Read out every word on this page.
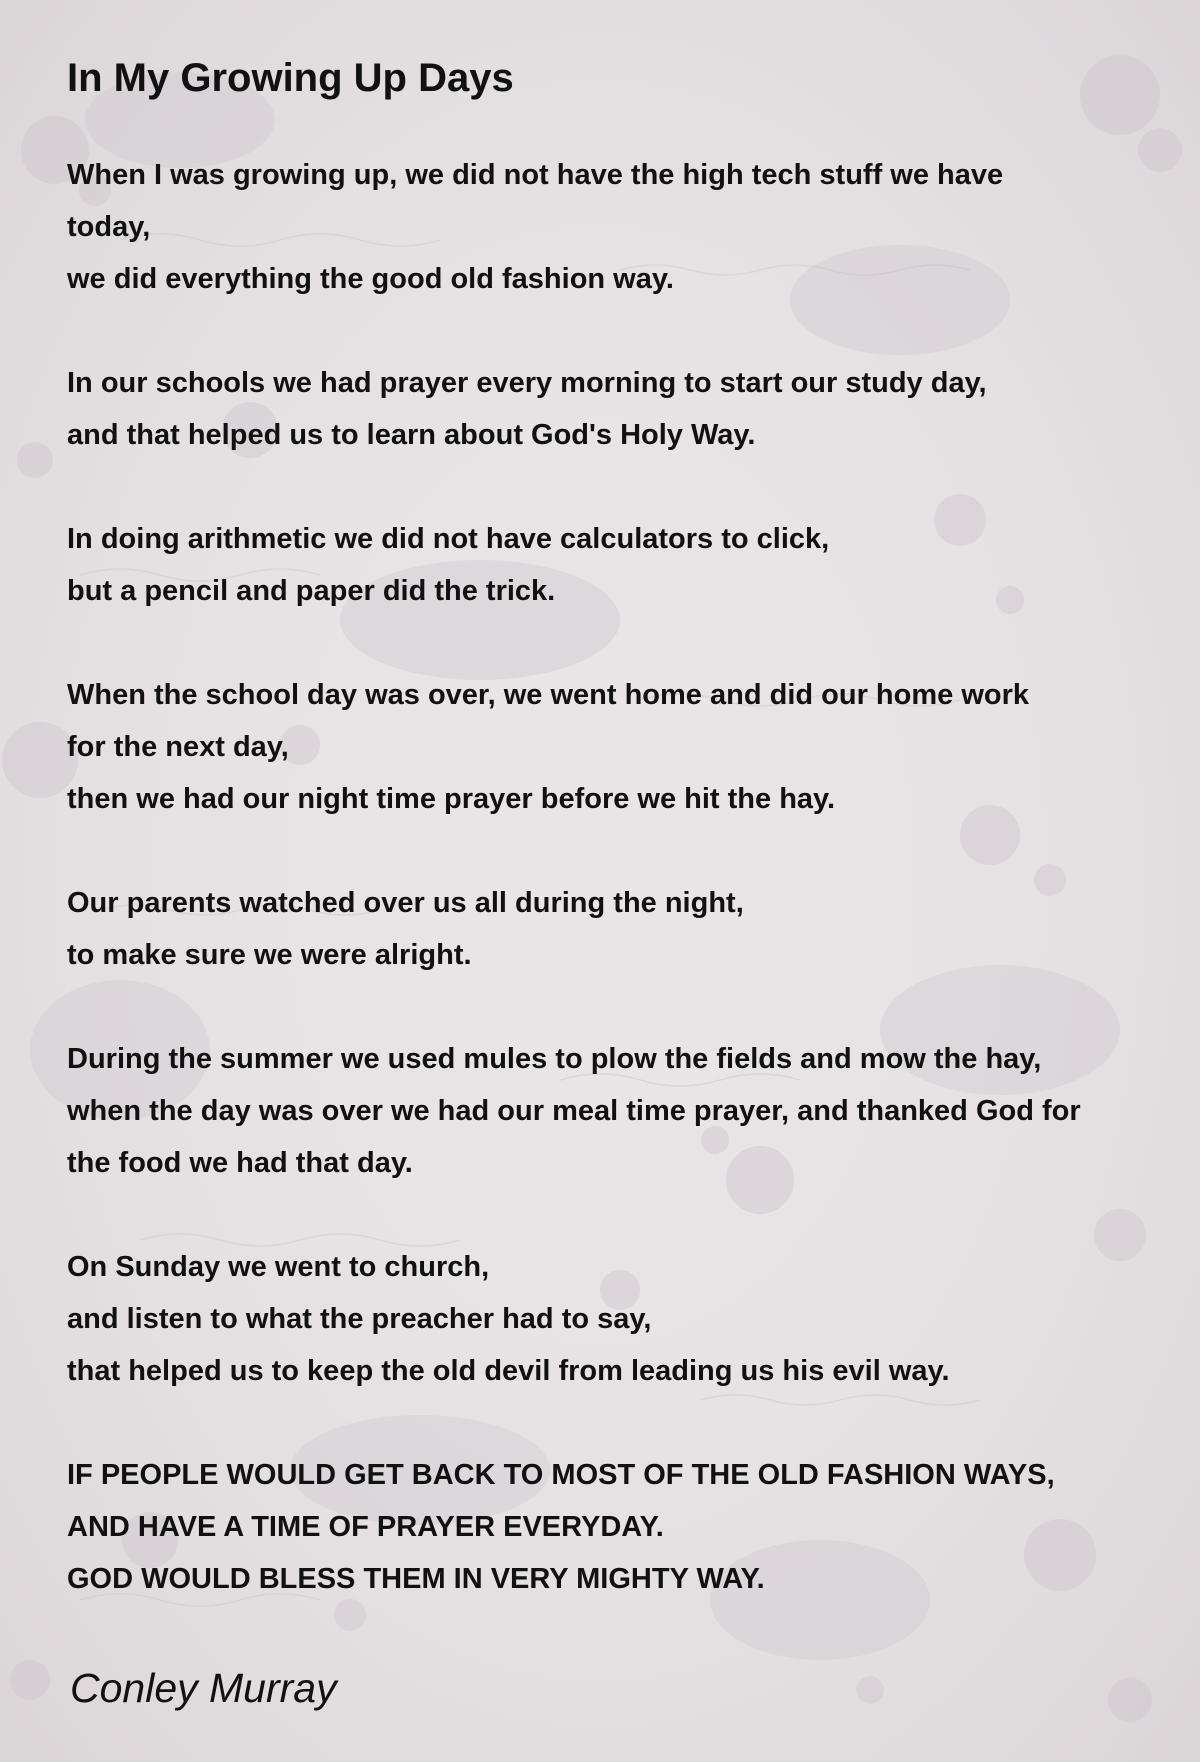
In My Growing Up Days
When I was growing up, we did not have the high tech stuff we have
today,
we did everything the good old fashion way.
In our schools we had prayer every morning to start our study day,
and that helped us to learn about God's Holy Way.
In doing arithmetic we did not have calculators to click,
but a pencil and paper did the trick.
When the school day was over, we went home and did our home work
for the next day,
then we had our night time prayer before we hit the hay.
Our parents watched over us all during the night,
to make sure we were alright.
During the summer we used mules to plow the fields and mow the hay,
when the day was over we had our meal time prayer, and thanked God for
the food we had that day.
On Sunday we went to church,
and listen to what the preacher had to say,
that helped us to keep the old devil from leading us his evil way.
IF PEOPLE WOULD GET BACK TO MOST OF THE OLD FASHION WAYS,
AND HAVE A TIME OF PRAYER EVERYDAY.
GOD WOULD BLESS THEM IN VERY MIGHTY WAY.

Conley Murray
